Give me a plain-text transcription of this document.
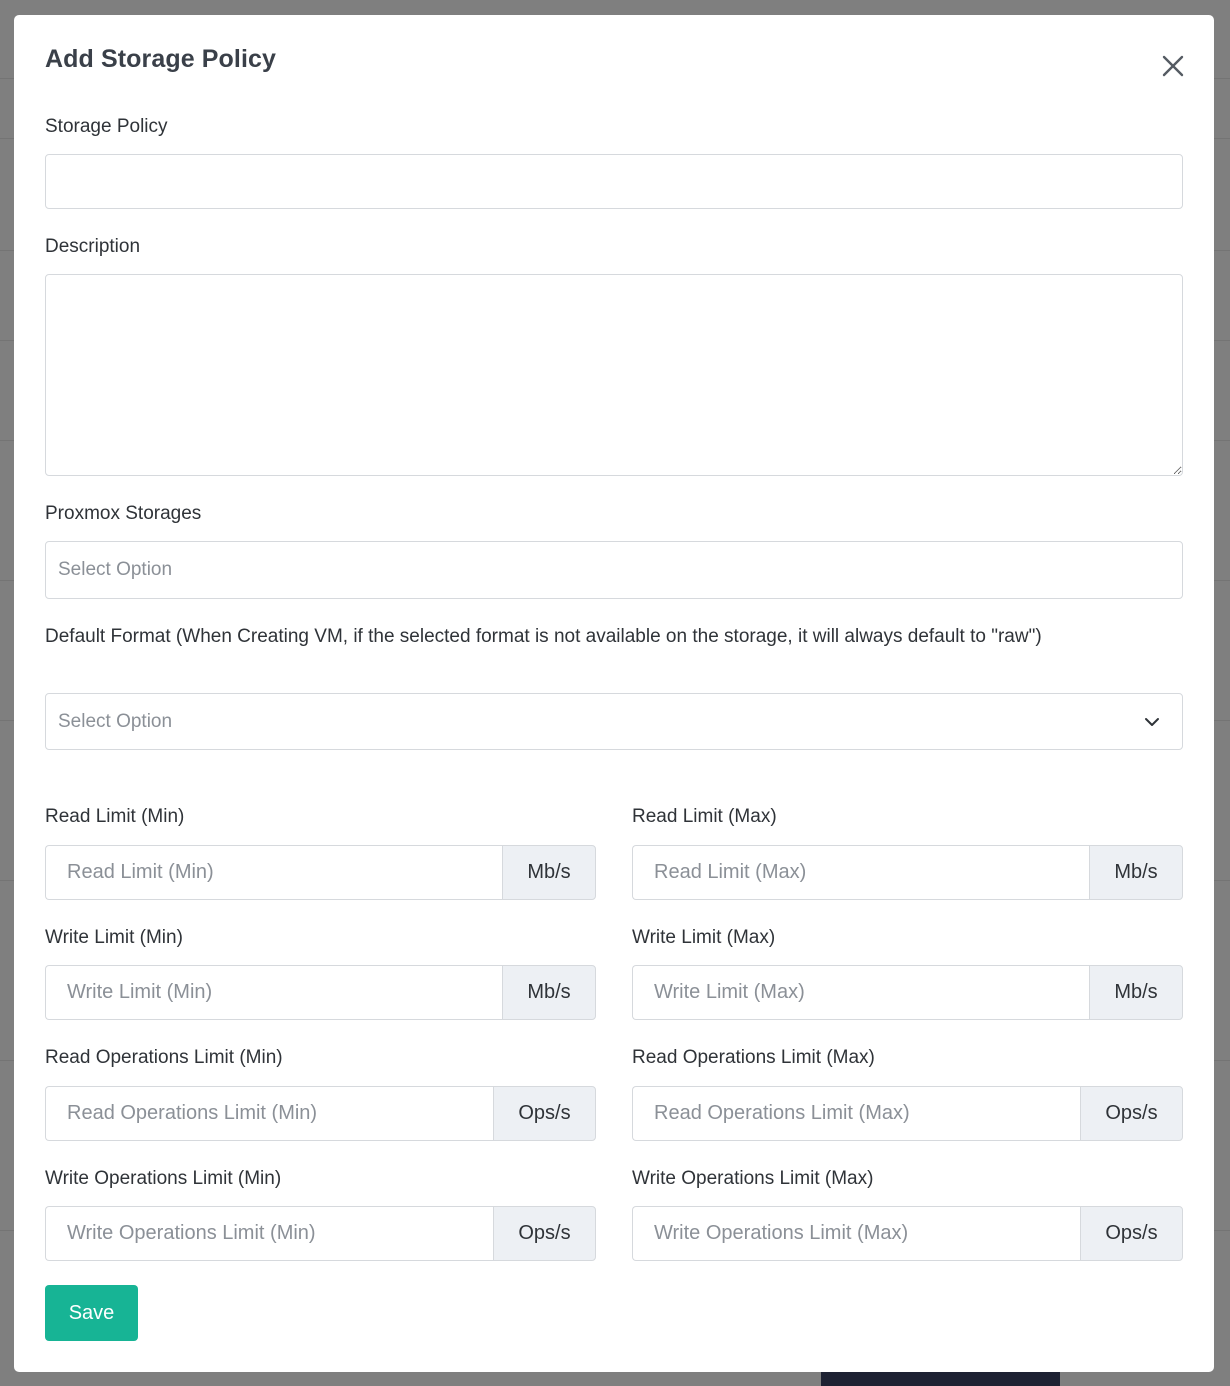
Add Storage Policy
Storage Policy
Description
Proxmox Storages
Select Option
Default Format (When Creating VM, if the selected format is not available on the storage, it will always default to "raw")
Select Option
Read Limit (Min)
Read Limit (Min)
Mb/s
Read Limit (Max)
Read Limit (Max)
Mb/s
Write Limit (Min)
Write Limit (Min)
Mb/s
Write Limit (Max)
Write Limit (Max)
Mb/s
Read Operations Limit (Min)
Read Operations Limit (Min)
Ops/s
Read Operations Limit (Max)
Read Operations Limit (Max)
Ops/s
Write Operations Limit (Min)
Write Operations Limit (Min)
Ops/s
Write Operations Limit (Max)
Write Operations Limit (Max)
Ops/s
Save
